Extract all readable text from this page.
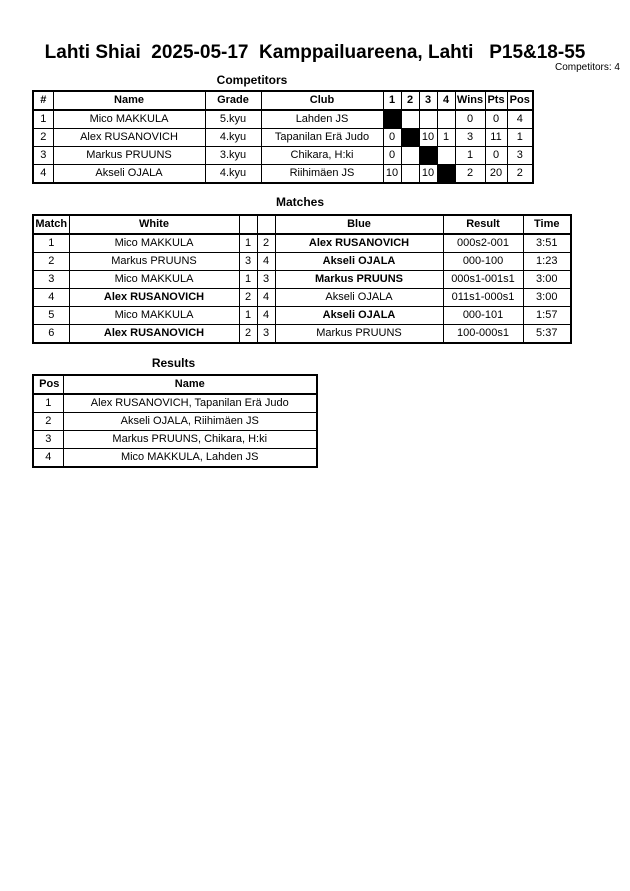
Lahti Shiai  2025-05-17  Kamppailuareena, Lahti   P15&18-55
Competitors: 4
Competitors
#	Name	Grade	Club	1	2	3	4	Wins	Pts	Pos
1	Mico MAKKULA	5.kyu	Lahden JS					0	0	4
2	Alex RUSANOVICH	4.kyu	Tapanilan Erä Judo	0		10	1	3	11	1
3	Markus PRUUNS	3.kyu	Chikara, H:ki	0				1	0	3
4	Akseli OJALA	4.kyu	Riihimäen JS	10		10		2	20	2
Matches
Match	White			Blue	Result	Time
1	Mico MAKKULA	1	2	Alex RUSANOVICH	000s2-001	3:51
2	Markus PRUUNS	3	4	Akseli OJALA	000-100	1:23
3	Mico MAKKULA	1	3	Markus PRUUNS	000s1-001s1	3:00
4	Alex RUSANOVICH	2	4	Akseli OJALA	011s1-000s1	3:00
5	Mico MAKKULA	1	4	Akseli OJALA	000-101	1:57
6	Alex RUSANOVICH	2	3	Markus PRUUNS	100-000s1	5:37
Results
Pos	Name
1	Alex RUSANOVICH, Tapanilan Erä Judo
2	Akseli OJALA, Riihimäen JS
3	Markus PRUUNS, Chikara, H:ki
4	Mico MAKKULA, Lahden JS
